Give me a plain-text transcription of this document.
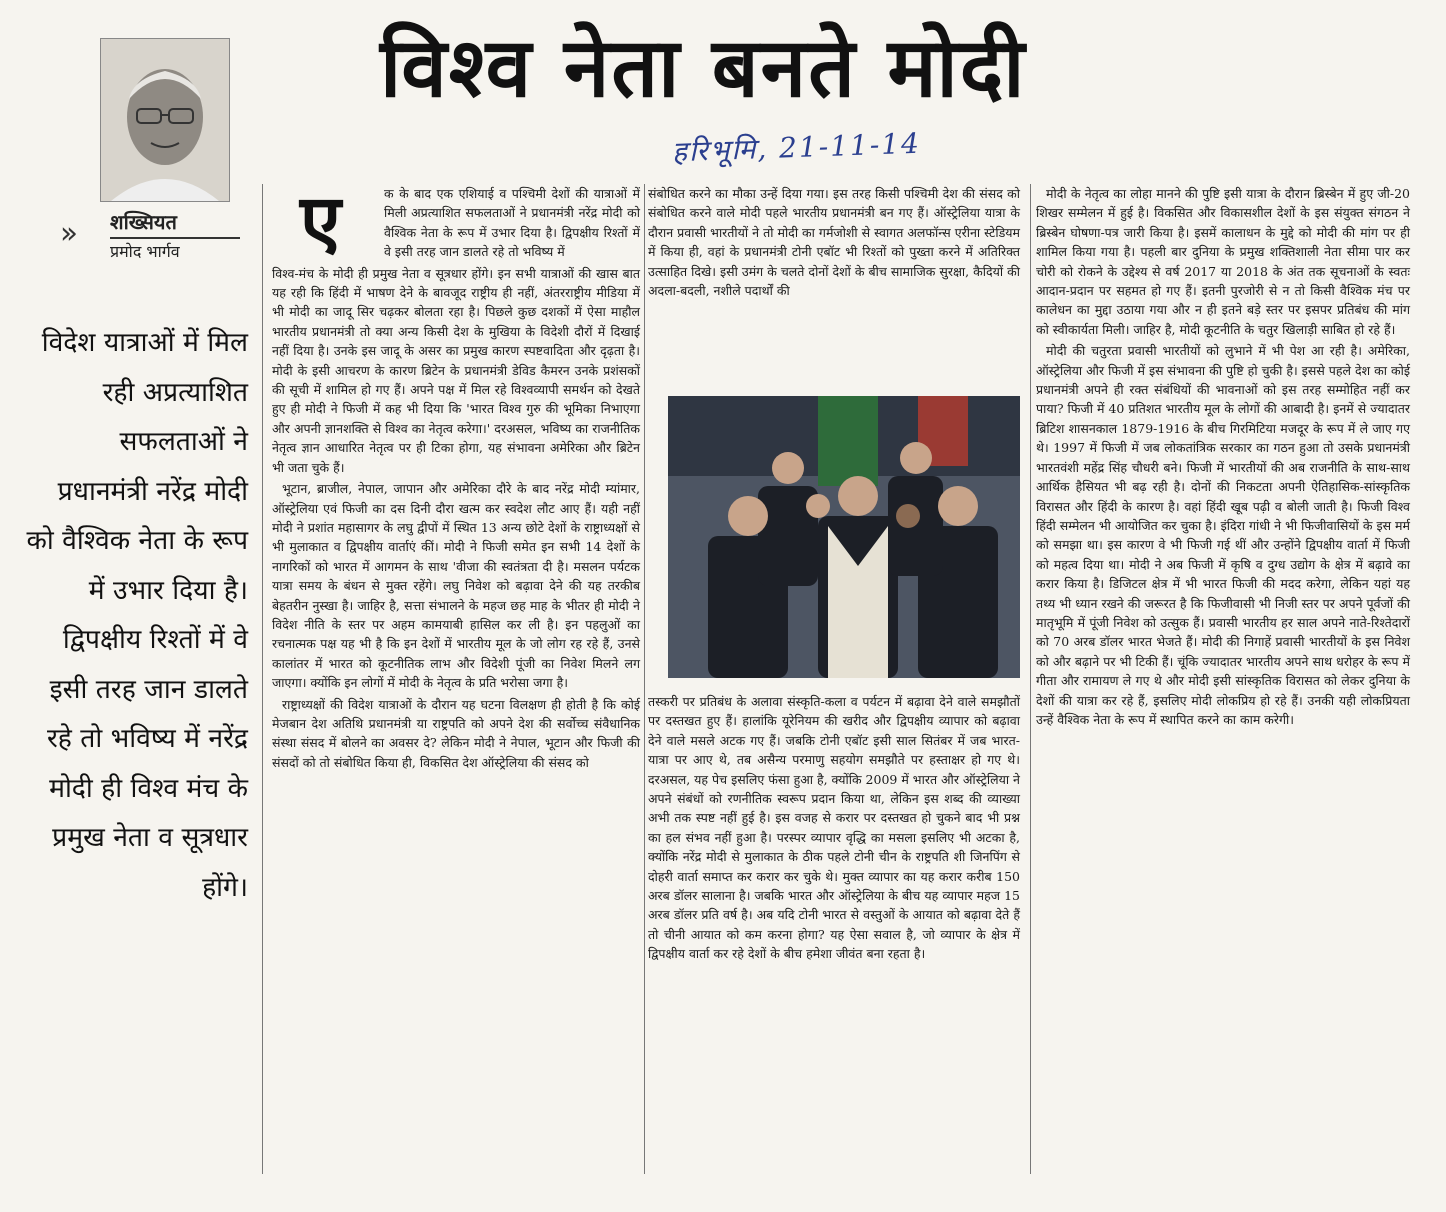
›› शख्सियत
प्रमोद भार्गव
विश्व नेता बनते मोदी
हरिभूमि, 21-11-14
विदेश यात्राओं में मिल रही अप्रत्याशित सफलताओं ने प्रधानमंत्री नरेंद्र मोदी को वैश्विक नेता के रूप में उभार दिया है। द्विपक्षीय रिश्तों में वे इसी तरह जान डालते रहे तो भविष्य में नरेंद्र मोदी ही विश्व मंच के प्रमुख नेता व सूत्रधार होंगे।
ए	क के बाद एक एशियाई व पश्चिमी देशों की यात्राओं में मिली अप्रत्याशित सफलताओं ने प्रधानमंत्री नरेंद्र मोदी को वैश्विक नेता के रूप में उभार दिया है। द्विपक्षीय रिश्तों में वे इसी तरह जान डालते रहे तो भविष्य में

विश्व-मंच के मोदी ही प्रमुख नेता व सूत्रधार होंगे। इन सभी यात्राओं की खास बात यह रही कि हिंदी में भाषण देने के बावजूद राष्ट्रीय ही नहीं, अंतरराष्ट्रीय मीडिया में भी मोदी का जादू सिर चढ़कर बोलता रहा है। पिछले कुछ दशकों में ऐसा माहौल भारतीय प्रधानमंत्री तो क्या अन्य किसी देश के मुखिया के विदेशी दौरों में दिखाई नहीं दिया है। उनके इस जादू के असर का प्रमुख कारण स्पष्टवादिता और दृढ़ता है। मोदी के इसी आचरण के कारण ब्रिटेन के प्रधानमंत्री डेविड कैमरन उनके प्रशंसकों की सूची में शामिल हो गए हैं। अपने पक्ष में मिल रहे विश्वव्यापी समर्थन को देखते हुए ही मोदी ने फिजी में कह भी दिया कि 'भारत विश्व गुरु की भूमिका निभाएगा और अपनी ज्ञानशक्ति से विश्व का नेतृत्व करेगा।' दरअसल, भविष्य का राजनीतिक नेतृत्व ज्ञान आधारित नेतृत्व पर ही टिका होगा, यह संभावना अमेरिका और ब्रिटेन भी जता चुके हैं।

भूटान, ब्राजील, नेपाल, जापान और अमेरिका दौरे के बाद नरेंद्र मोदी म्यांमार, ऑस्ट्रेलिया एवं फिजी का दस दिनी दौरा खत्म कर स्वदेश लौट आए हैं। यही नहीं मोदी ने प्रशांत महासागर के लघु द्वीपों में स्थित 13 अन्य छोटे देशों के राष्ट्राध्यक्षों से भी मुलाकात व द्विपक्षीय वार्ताएं कीं। मोदी ने फिजी समेत इन सभी 14 देशों के नागरिकों को भारत में आगमन के साथ 'वीजा की स्वतंत्रता दी है। मसलन पर्यटक यात्रा समय के बंधन से मुक्त रहेंगे। लघु निवेश को बढ़ावा देने की यह तरकीब बेहतरीन नुस्खा है। जाहिर है, सत्ता संभालने के महज छह माह के भीतर ही मोदी ने विदेश नीति के स्तर पर अहम कामयाबी हासिल कर ली है। इन पहलुओं का रचनात्मक पक्ष यह भी है कि इन देशों में भारतीय मूल के जो लोग रह रहे हैं, उनसे कालांतर में भारत को कूटनीतिक लाभ और विदेशी पूंजी का निवेश मिलने लग जाएगा। क्योंकि इन लोगों में मोदी के नेतृत्व के प्रति भरोसा जगा है।

राष्ट्राध्यक्षों की विदेश यात्राओं के दौरान यह घटना विलक्षण ही होती है कि कोई मेजबान देश अतिथि प्रधानमंत्री या राष्ट्रपति को अपने देश की सर्वोच्च संवैधानिक संस्था संसद में बोलने का अवसर दे? लेकिन मोदी ने नेपाल, भूटान और फिजी की संसदों को तो संबोधित किया ही, विकसित देश ऑस्ट्रेलिया की संसद को

संबोधित करने का मौका उन्हें दिया गया। इस तरह किसी पश्चिमी देश की संसद को संबोधित करने वाले मोदी पहले भारतीय प्रधानमंत्री बन गए हैं। ऑस्ट्रेलिया यात्रा के दौरान प्रवासी भारतीयों ने तो मोदी का गर्मजोशी से स्वागत अलफॉन्स एरीना स्टेडियम में किया ही, वहां के प्रधानमंत्री टोनी एबॉट भी रिश्तों को पुख्ता करने में अतिरिक्त उत्साहित दिखे। इसी उमंग के चलते दोनों देशों के बीच सामाजिक सुरक्षा, कैदियों की अदला-बदली, नशीले पदार्थों की

तस्करी पर प्रतिबंध के अलावा संस्कृति-कला व पर्यटन में बढ़ावा देने वाले समझौतों पर दस्तखत हुए हैं। हालांकि यूरेनियम की खरीद और द्विपक्षीय व्यापार को बढ़ावा देने वाले मसले अटक गए हैं। जबकि टोनी एबॉट इसी साल सितंबर में जब भारत-यात्रा पर आए थे, तब असैन्य परमाणु सहयोग समझौते पर हस्ताक्षर हो गए थे। दरअसल, यह पेच इसलिए फंसा हुआ है, क्योंकि 2009 में भारत और ऑस्ट्रेलिया ने अपने संबंधों को रणनीतिक स्वरूप प्रदान किया था, लेकिन इस शब्द की व्याख्या अभी तक स्पष्ट नहीं हुई है। इस वजह से करार पर दस्तखत हो चुकने बाद भी प्रश्न का हल संभव नहीं हुआ है। परस्पर व्यापार वृद्धि का मसला इसलिए भी अटका है, क्योंकि नरेंद्र मोदी से मुलाकात के ठीक पहले टोनी चीन के राष्ट्रपति शी जिनपिंग से दोहरी वार्ता समाप्त कर करार कर चुके थे। मुक्त व्यापार का यह करार करीब 150 अरब डॉलर सालाना है। जबकि भारत और ऑस्ट्रेलिया के बीच यह व्यापार महज 15 अरब डॉलर प्रति वर्ष है। अब यदि टोनी भारत से वस्तुओं के आयात को बढ़ावा देते हैं तो चीनी आयात को कम करना होगा? यह ऐसा सवाल है, जो व्यापार के क्षेत्र में द्विपक्षीय वार्ता कर रहे देशों के बीच हमेशा जीवंत बना रहता है।

मोदी के नेतृत्व का लोहा मानने की पुष्टि इसी यात्रा के दौरान ब्रिस्बेन में हुए जी-20 शिखर सम्मेलन में हुई है। विकसित और विकासशील देशों के इस संयुक्त संगठन ने ब्रिस्बेन घोषणा-पत्र जारी किया है। इसमें कालाधन के मुद्दे को मोदी की मांग पर ही शामिल किया गया है। पहली बार दुनिया के प्रमुख शक्तिशाली नेता सीमा पार कर चोरी को रोकने के उद्देश्य से वर्ष 2017 या 2018 के अंत तक सूचनाओं के स्वतः आदान-प्रदान पर सहमत हो गए हैं। इतनी पुरजोरी से न तो किसी वैश्विक मंच पर कालेधन का मुद्दा उठाया गया और न ही इतने बड़े स्तर पर इसपर प्रतिबंध की मांग को स्वीकार्यता मिली। जाहिर है, मोदी कूटनीति के चतुर खिलाड़ी साबित हो रहे हैं।

मोदी की चतुरता प्रवासी भारतीयों को लुभाने में भी पेश आ रही है। अमेरिका, ऑस्ट्रेलिया और फिजी में इस संभावना की पुष्टि हो चुकी है। इससे पहले देश का कोई प्रधानमंत्री अपने ही रक्त संबंधियों की भावनाओं को इस तरह सम्मोहित नहीं कर पाया? फिजी में 40 प्रतिशत भारतीय मूल के लोगों की आबादी है। इनमें से ज्यादातर ब्रिटिश शासनकाल 1879-1916 के बीच गिरमिटिया मजदूर के रूप में ले जाए गए थे। 1997 में फिजी में जब लोकतांत्रिक सरकार का गठन हुआ तो उसके प्रधानमंत्री भारतवंशी महेंद्र सिंह चौधरी बने। फिजी में भारतीयों की अब राजनीति के साथ-साथ आर्थिक हैसियत भी बढ़ रही है। दोनों की निकटता अपनी ऐतिहासिक-सांस्कृतिक विरासत और हिंदी के कारण है। वहां हिंदी खूब पढ़ी व बोली जाती है। फिजी विश्व हिंदी सम्मेलन भी आयोजित कर चुका है। इंदिरा गांधी ने भी फिजीवासियों के इस मर्म को समझा था। इस कारण वे भी फिजी गई थीं और उन्होंने द्विपक्षीय वार्ता में फिजी को महत्व दिया था। मोदी ने अब फिजी में कृषि व दुग्ध उद्योग के क्षेत्र में बढ़ावे का करार किया है। डिजिटल क्षेत्र में भी भारत फिजी की मदद करेगा, लेकिन यहां यह तथ्य भी ध्यान रखने की जरूरत है कि फिजीवासी भी निजी स्तर पर अपने पूर्वजों की मातृभूमि में पूंजी निवेश को उत्सुक हैं। प्रवासी भारतीय हर साल अपने नाते-रिश्तेदारों को 70 अरब डॉलर भारत भेजते हैं। मोदी की निगाहें प्रवासी भारतीयों के इस निवेश को और बढ़ाने पर भी टिकी हैं। चूंकि ज्यादातर भारतीय अपने साथ धरोहर के रूप में गीता और रामायण ले गए थे और मोदी इसी सांस्कृतिक विरासत को लेकर दुनिया के देशों की यात्रा कर रहे हैं, इसलिए मोदी लोकप्रिय हो रहे हैं। उनकी यही लोकप्रियता उन्हें वैश्विक नेता के रूप में स्थापित करने का काम करेगी।
